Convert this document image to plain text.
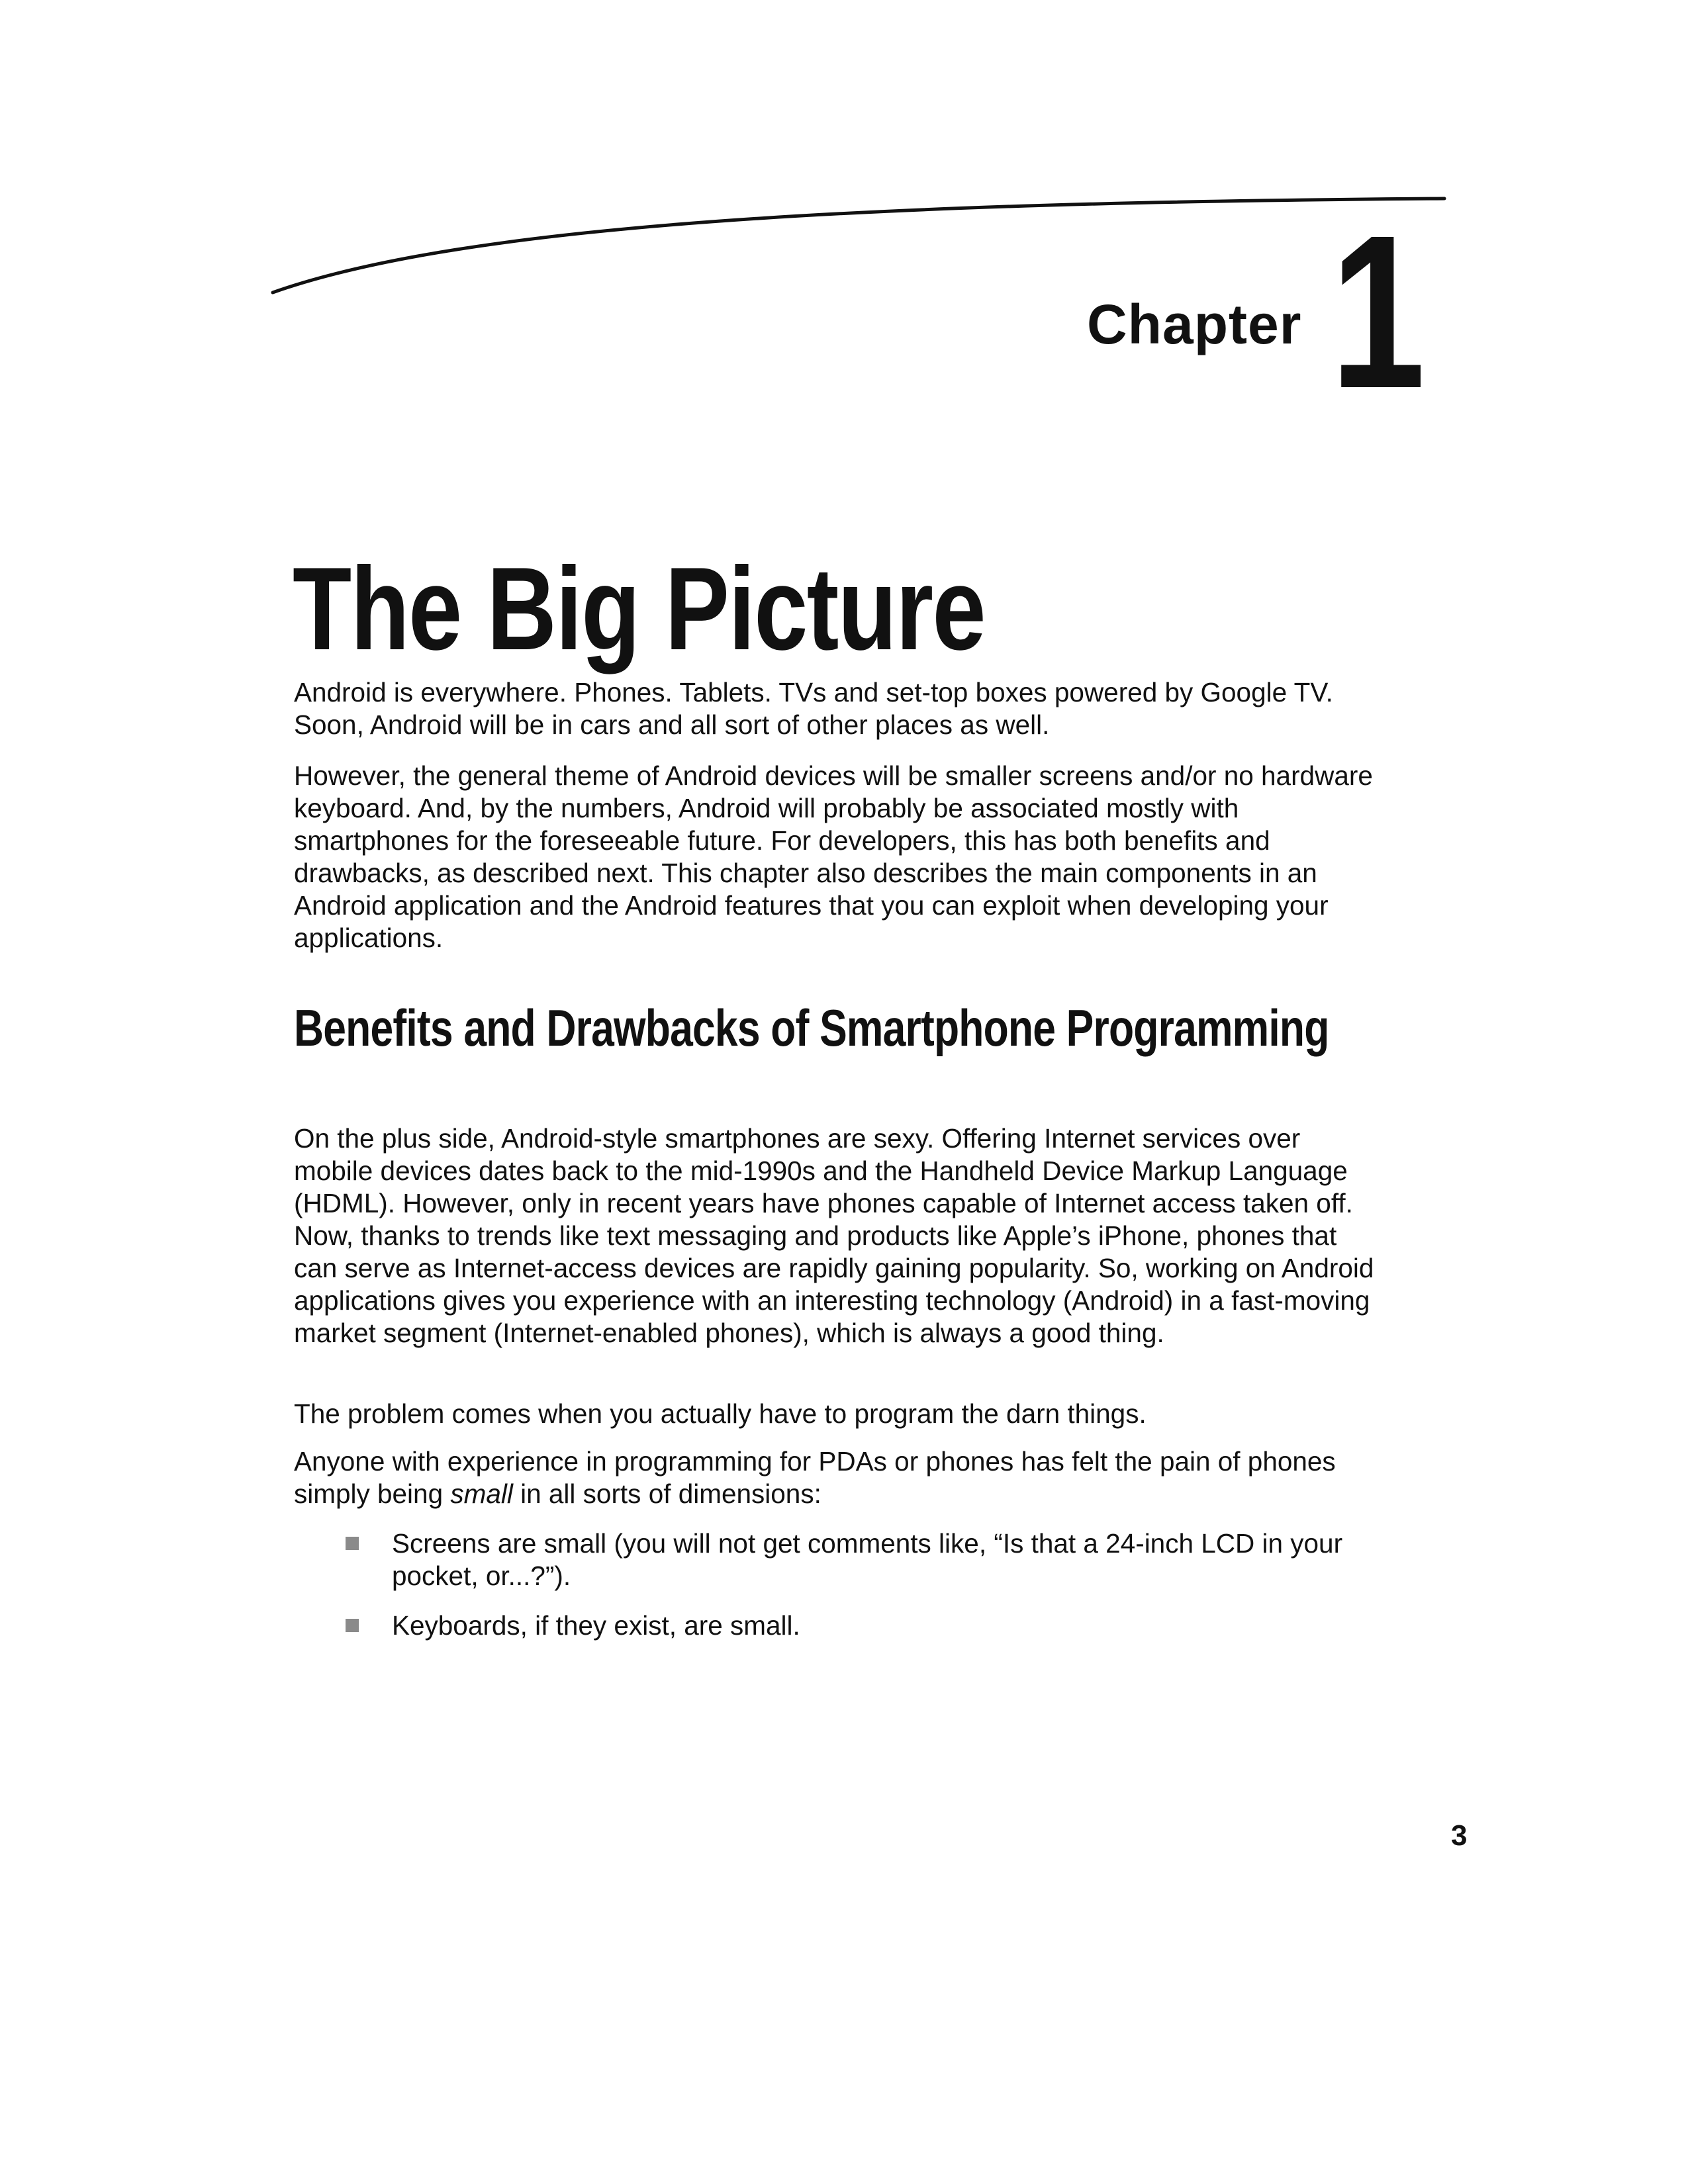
Chapter 1
The Big Picture

Android is everywhere. Phones. Tablets. TVs and set-top boxes powered by Google TV. Soon, Android will be in cars and all sort of other places as well.

However, the general theme of Android devices will be smaller screens and/or no hardware keyboard. And, by the numbers, Android will probably be associated mostly with smartphones for the foreseeable future. For developers, this has both benefits and drawbacks, as described next. This chapter also describes the main components in an Android application and the Android features that you can exploit when developing your applications.

Benefits and Drawbacks of Smartphone Programming

On the plus side, Android-style smartphones are sexy. Offering Internet services over mobile devices dates back to the mid-1990s and the Handheld Device Markup Language (HDML). However, only in recent years have phones capable of Internet access taken off. Now, thanks to trends like text messaging and products like Apple’s iPhone, phones that can serve as Internet-access devices are rapidly gaining popularity. So, working on Android applications gives you experience with an interesting technology (Android) in a fast-moving market segment (Internet-enabled phones), which is always a good thing.

The problem comes when you actually have to program the darn things.

Anyone with experience in programming for PDAs or phones has felt the pain of phones simply being small in all sorts of dimensions:

Screens are small (you will not get comments like, “Is that a 24-inch LCD in your pocket, or...?”).
Keyboards, if they exist, are small.
3
